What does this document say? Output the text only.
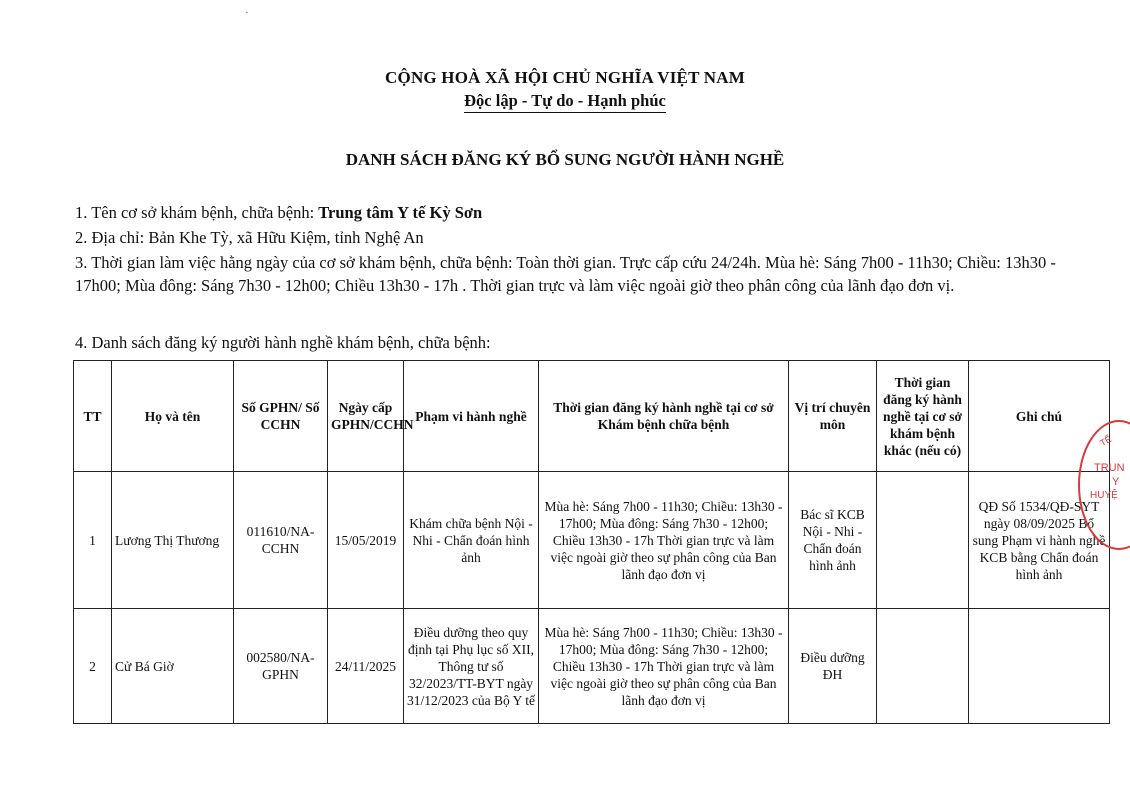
˙
CỘNG HOÀ XÃ HỘI CHỦ NGHĨA VIỆT NAM
Độc lập - Tự do - Hạnh phúc
DANH SÁCH ĐĂNG KÝ BỔ SUNG NGƯỜI HÀNH NGHỀ
1. Tên cơ sở khám bệnh, chữa bệnh: Trung tâm Y tế Kỳ Sơn
2. Địa chỉ: Bản Khe Tỳ, xã Hữu Kiệm, tỉnh Nghệ An
3. Thời gian làm việc hằng ngày của cơ sở khám bệnh, chữa bệnh: Toàn thời gian. Trực cấp cứu 24/24h. Mùa hè: Sáng 7h00 - 11h30; Chiều: 13h30 - 17h00; Mùa đông: Sáng 7h30 - 12h00; Chiều 13h30 - 17h . Thời gian trực và làm việc ngoài giờ theo phân công của lãnh đạo đơn vị.
4. Danh sách đăng ký người hành nghề khám bệnh, chữa bệnh:
TT	Họ và tên	Số GPHN/ Số CCHN	Ngày cấp GPHN/CCHN	Phạm vi hành nghề	Thời gian đăng ký hành nghề tại cơ sở Khám bệnh chữa bệnh	Vị trí chuyên môn	Thời gian đăng ký hành nghề tại cơ sở khám bệnh khác (nếu có)	Ghi chú
1	Lương Thị Thương	011610/NA-CCHN	15/05/2019	Khám chữa bệnh Nội - Nhi - Chẩn đoán hình ảnh	Mùa hè: Sáng 7h00 - 11h30; Chiều: 13h30 - 17h00; Mùa đông: Sáng 7h30 - 12h00; Chiều 13h30 - 17h Thời gian trực và làm việc ngoài giờ theo sự phân công của Ban lãnh đạo đơn vị	Bác sĩ KCB Nội - Nhi - Chẩn đoán hình ảnh		QĐ Số 1534/QĐ-SYT ngày 08/09/2025 Bổ sung Phạm vi hành nghề KCB bằng Chẩn đoán hình ảnh
2	Cử Bá Giờ	002580/NA-GPHN	24/11/2025	Điều dưỡng theo quy định tại Phụ lục số XII, Thông tư số 32/2023/TT-BYT ngày 31/12/2023 của Bộ Y tế	Mùa hè: Sáng 7h00 - 11h30; Chiều: 13h30 - 17h00; Mùa đông: Sáng 7h30 - 12h00; Chiều 13h30 - 17h Thời gian trực và làm việc ngoài giờ theo sự phân công của Ban lãnh đạo đơn vị	Điều dưỡng ĐH		
TẾ
TRUN
Y
HUYỆ
